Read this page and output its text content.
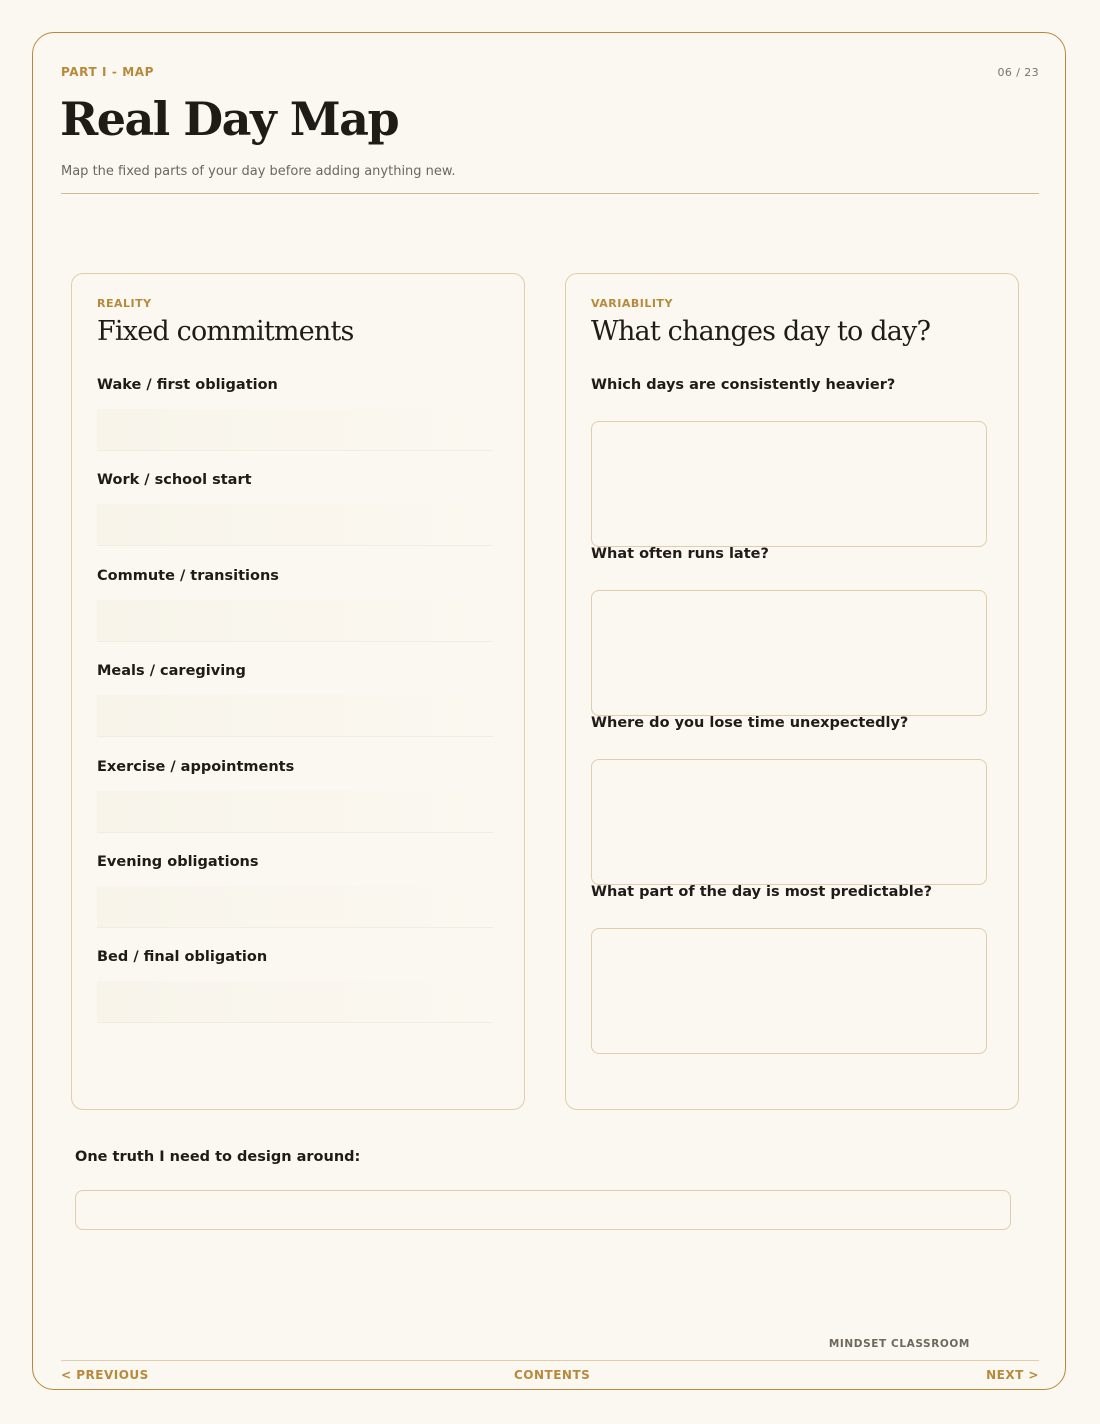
PART I - MAP	06 / 23
Real Day Map
Map the fixed parts of your day before adding anything new.
REALITY
Fixed commitments
Wake / first obligation
Work / school start
Commute / transitions
Meals / caregiving
Exercise / appointments
Evening obligations
Bed / final obligation
VARIABILITY
What changes day to day?
Which days are consistently heavier?
What often runs late?
Where do you lose time unexpectedly?
What part of the day is most predictable?
One truth I need to design around:
MINDSET CLASSROOM
< PREVIOUS	CONTENTS	NEXT >
